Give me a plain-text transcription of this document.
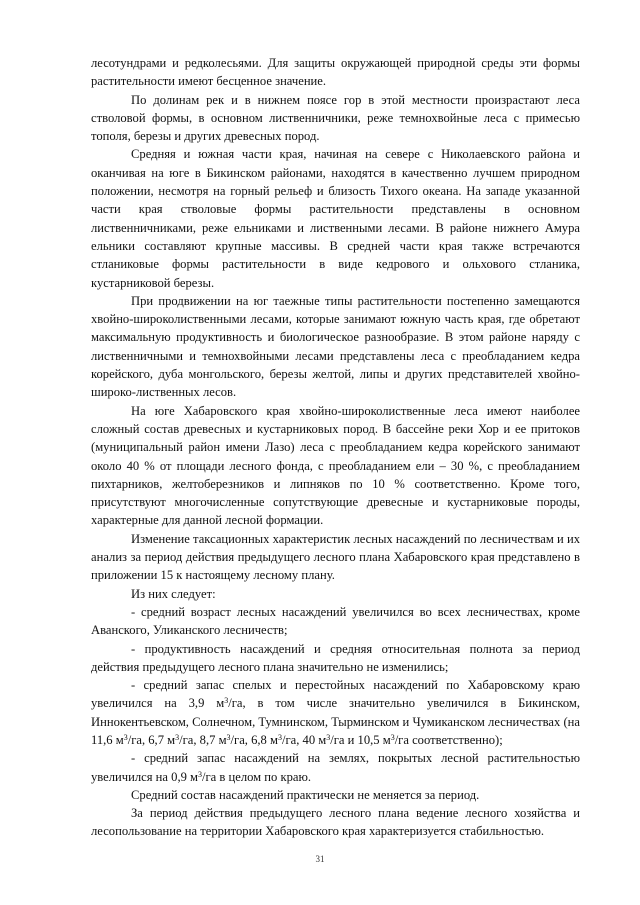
лесотундрами и редколесьями. Для защиты окружающей природной среды эти формы растительности имеют бесценное значение.

По долинам рек и в нижнем поясе гор в этой местности произрастают леса стволовой формы, в основном лиственничники, реже темнохвойные леса с примесью тополя, березы и других древесных пород.

Средняя и южная части края, начиная на севере с Николаевского района и оканчивая на юге в Бикинском районами, находятся в качественно лучшем природном положении, несмотря на горный рельеф и близость Тихого океана. На западе указанной части края стволовые формы растительности представлены в основном лиственничниками, реже ельниками и лиственными лесами. В районе нижнего Амура ельники составляют крупные массивы. В средней части края также встречаются стланиковые формы растительности в виде кедрового и ольхового стланика, кустарниковой березы.

При продвижении на юг таежные типы растительности постепенно замещаются хвойно-широколиственными лесами, которые занимают южную часть края, где обретают максимальную продуктивность и биологическое разнообразие. В этом районе наряду с лиственничными и темнохвойными лесами представлены леса с преобладанием кедра корейского, дуба монгольского, березы желтой, липы и других представителей хвойно-широко-лиственных лесов.

На юге Хабаровского края хвойно-широколиственные леса имеют наиболее сложный состав древесных и кустарниковых пород. В бассейне реки Хор и ее притоков (муниципальный район имени Лазо) леса с преобладанием кедра корейского занимают около 40 % от площади лесного фонда, с преобладанием ели – 30 %, с преобладанием пихтарников, желтоберезников и липняков по 10 % соответственно. Кроме того, присутствуют многочисленные сопутствующие древесные и кустарниковые породы, характерные для данной лесной формации.

Изменение таксационных характеристик лесных насаждений по лесничествам и их анализ за период действия предыдущего лесного плана Хабаровского края представлено в приложении 15 к настоящему лесному плану.

Из них следует:

- средний возраст лесных насаждений увеличился во всех лесничествах, кроме Аванского, Уликанского лесничеств;

- продуктивность насаждений и средняя относительная полнота за период действия предыдущего лесного плана значительно не изменились;

- средний запас спелых и перестойных насаждений по Хабаровскому краю увеличился на 3,9 $м^3/га$, в том числе значительно увеличился в Бикинском, Иннокентьевском, Солнечном, Тумнинском, Тырминском и Чумиканском лесничествах (на 11,6 $м^3/га$, 6,7 $м^3/га$, 8,7 $м^3/га$, 6,8 $м^3/га$, 40 $м^3/га$ и 10,5 $м^3/га$ соответственно);

- средний запас насаждений на землях, покрытых лесной растительностью увеличился на 0,9 $м^3/га$ в целом по краю.

Средний состав насаждений практически не меняется за период.

За период действия предыдущего лесного плана ведение лесного хозяйства и лесопользование на территории Хабаровского края характеризуется стабильностью.

31
